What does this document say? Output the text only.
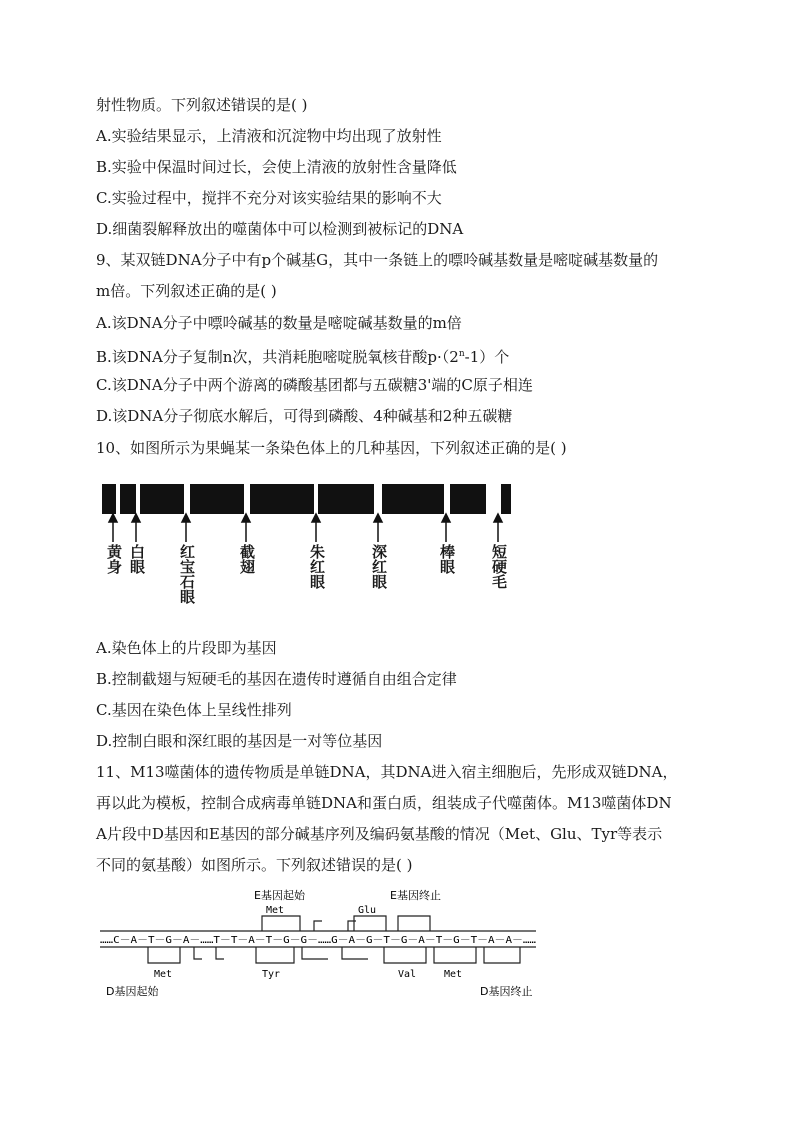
射性物质。下列叙述错误的是( )
A.实验结果显示，上清液和沉淀物中均出现了放射性
B.实验中保温时间过长，会使上清液的放射性含量降低
C.实验过程中，搅拌不充分对该实验结果的影响不大
D.细菌裂解释放出的噬菌体中可以检测到被标记的DNA
9、某双链DNA分子中有p个碱基G，其中一条链上的嘌呤碱基数量是嘧啶碱基数量的
m倍。下列叙述正确的是( )
A.该DNA分子中嘌呤碱基的数量是嘧啶碱基数量的m倍
B.该DNA分子复制n次，共消耗胞嘧啶脱氧核苷酸$p\cdot(2^n-1)$个
C.该DNA分子中两个游离的磷酸基团都与五碳糖3'端的C原子相连
D.该DNA分子彻底水解后，可得到磷酸、4种碱基和2种五碳糖
10、如图所示为果蝇某一条染色体上的几种基因，下列叙述正确的是( )
黄身 白眼 红宝石眼	截翅	朱红眼	深红眼	棒眼 短硬毛
A.染色体上的片段即为基因
B.控制截翅与短硬毛的基因在遗传时遵循自由组合定律
C.基因在染色体上呈线性排列
D.控制白眼和深红眼的基因是一对等位基因
11、M13噬菌体的遗传物质是单链DNA，其DNA进入宿主细胞后，先形成双链DNA，
再以此为模板，控制合成病毒单链DNA和蛋白质，组装成子代噬菌体。M13噬菌体DN
A片段中D基因和E基因的部分碱基序列及编码氨基酸的情况（Met、Glu、Tyr等表示
不同的氨基酸）如图所示。下列叙述错误的是( )
E基因起始	E基因终止
Met	Glu
……C－A－T－G－A－……T－T－A－T－G－G－……G－A－G－T－G－A－T－G－T－A－A－……
Met	Tyr	Val	Met
D基因起始	D基因终止
